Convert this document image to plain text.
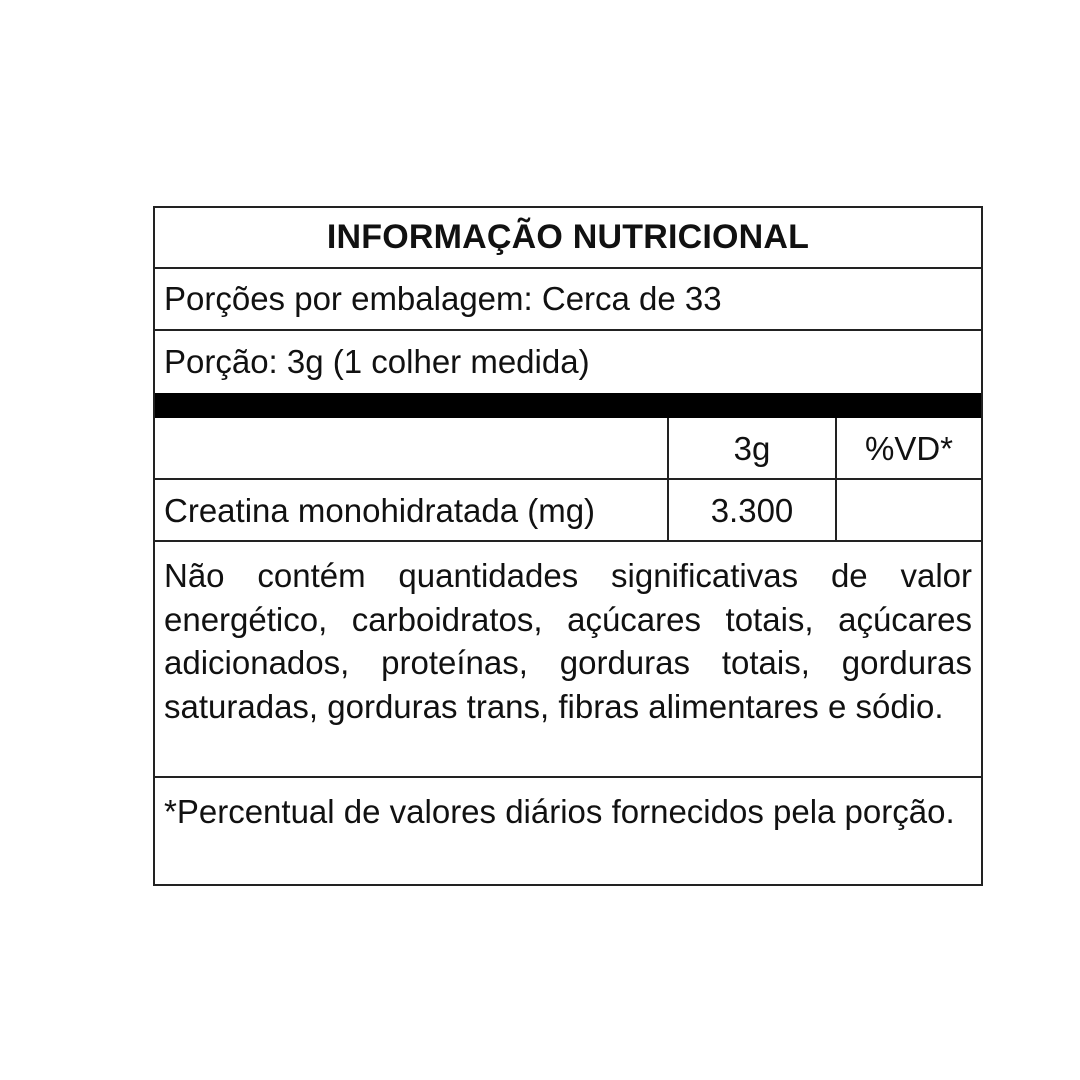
INFORMAÇÃO NUTRICIONAL
Porções por embalagem: Cerca de 33
Porção: 3g (1 colher medida)
3g	%VD*
Creatina monohidratada (mg)	3.300
Não contém quantidades significativas de valor energético, carboidratos, açúcares totais, açúcares adicionados, proteínas, gorduras totais, gorduras saturadas, gorduras trans, fibras alimentares e sódio.
*Percentual de valores diários fornecidos pela porção.
